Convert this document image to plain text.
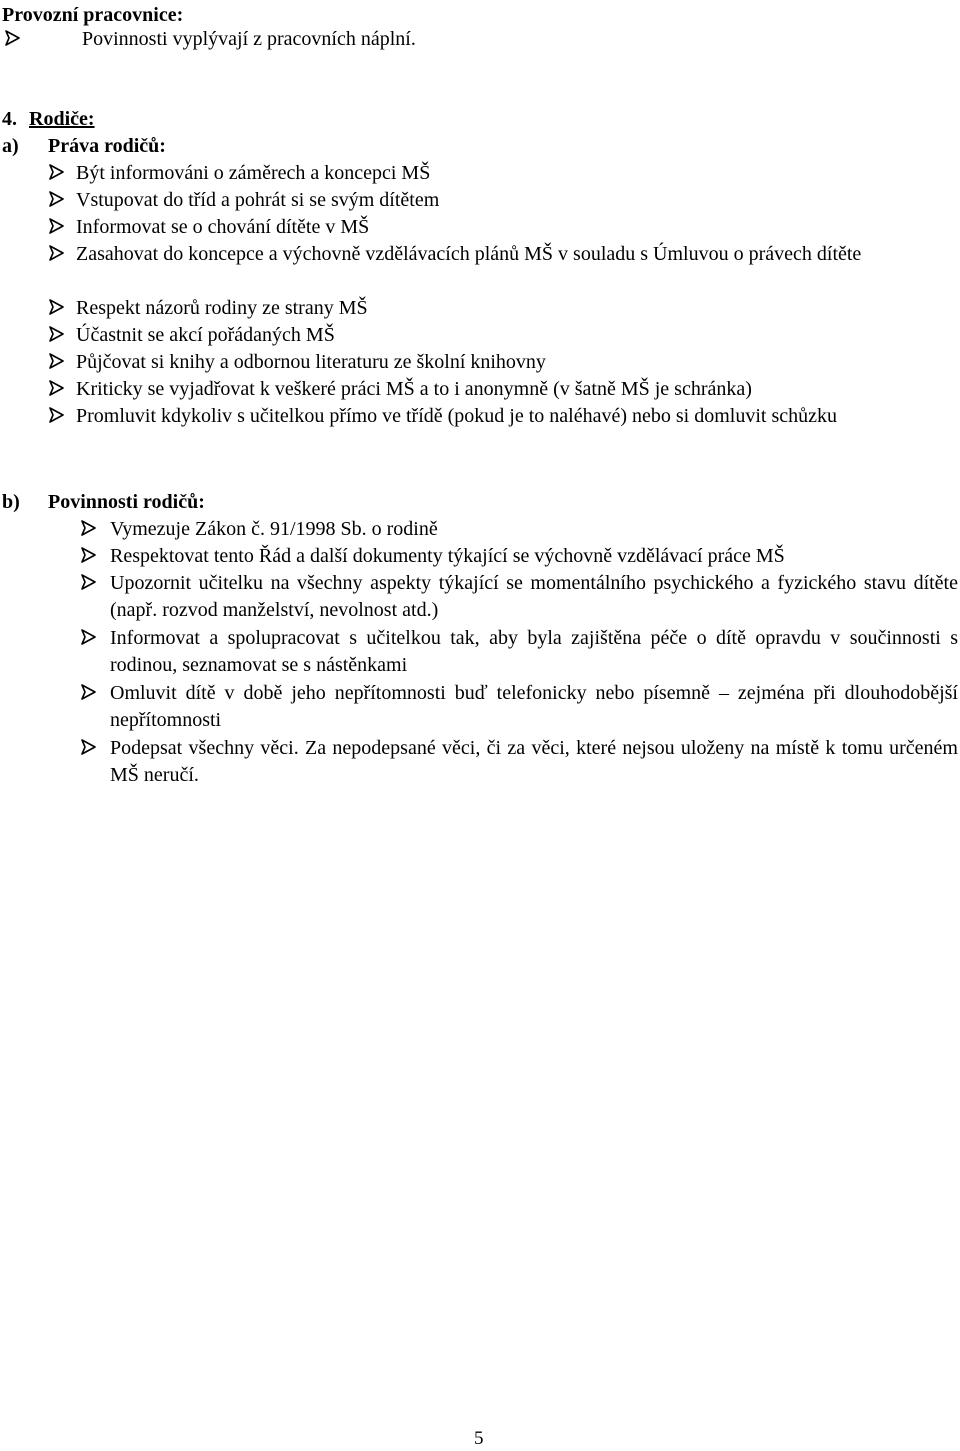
Provozní pracovnice:
Povinnosti vyplývají z pracovních náplní.
4. Rodiče:
a) Práva rodičů:
Být informováni o záměrech a koncepci MŠ
Vstupovat do tříd a pohrát si se svým dítětem
Informovat se o chování dítěte v MŠ
Zasahovat do koncepce a výchovně vzdělávacích plánů MŠ v souladu s Úmluvou o právech dítěte
Respekt názorů rodiny ze strany MŠ
Účastnit se akcí pořádaných MŠ
Půjčovat si knihy a odbornou literaturu ze školní knihovny
Kriticky se vyjadřovat k veškeré práci MŠ a to i anonymně (v šatně MŠ je schránka)
Promluvit kdykoliv s učitelkou přímo ve třídě (pokud je to naléhavé) nebo si domluvit schůzku
b) Povinnosti rodičů:
Vymezuje Zákon č. 91/1998 Sb. o rodině
Respektovat tento Řád a další dokumenty týkající se výchovně vzdělávací práce MŠ
Upozornit učitelku na všechny aspekty týkající se momentálního psychického a fyzického stavu dítěte (např. rozvod manželství, nevolnost atd.)
Informovat a spolupracovat s učitelkou tak, aby byla zajištěna péče o dítě opravdu v součinnosti s rodinou, seznamovat se s nástěnkami
Omluvit dítě v době jeho nepřítomnosti buď telefonicky nebo písemně – zejména při dlouhodobější nepřítomnosti
Podepsat všechny věci. Za nepodepsané věci, či za věci, které nejsou uloženy na místě k tomu určeném MŠ neručí.
5
